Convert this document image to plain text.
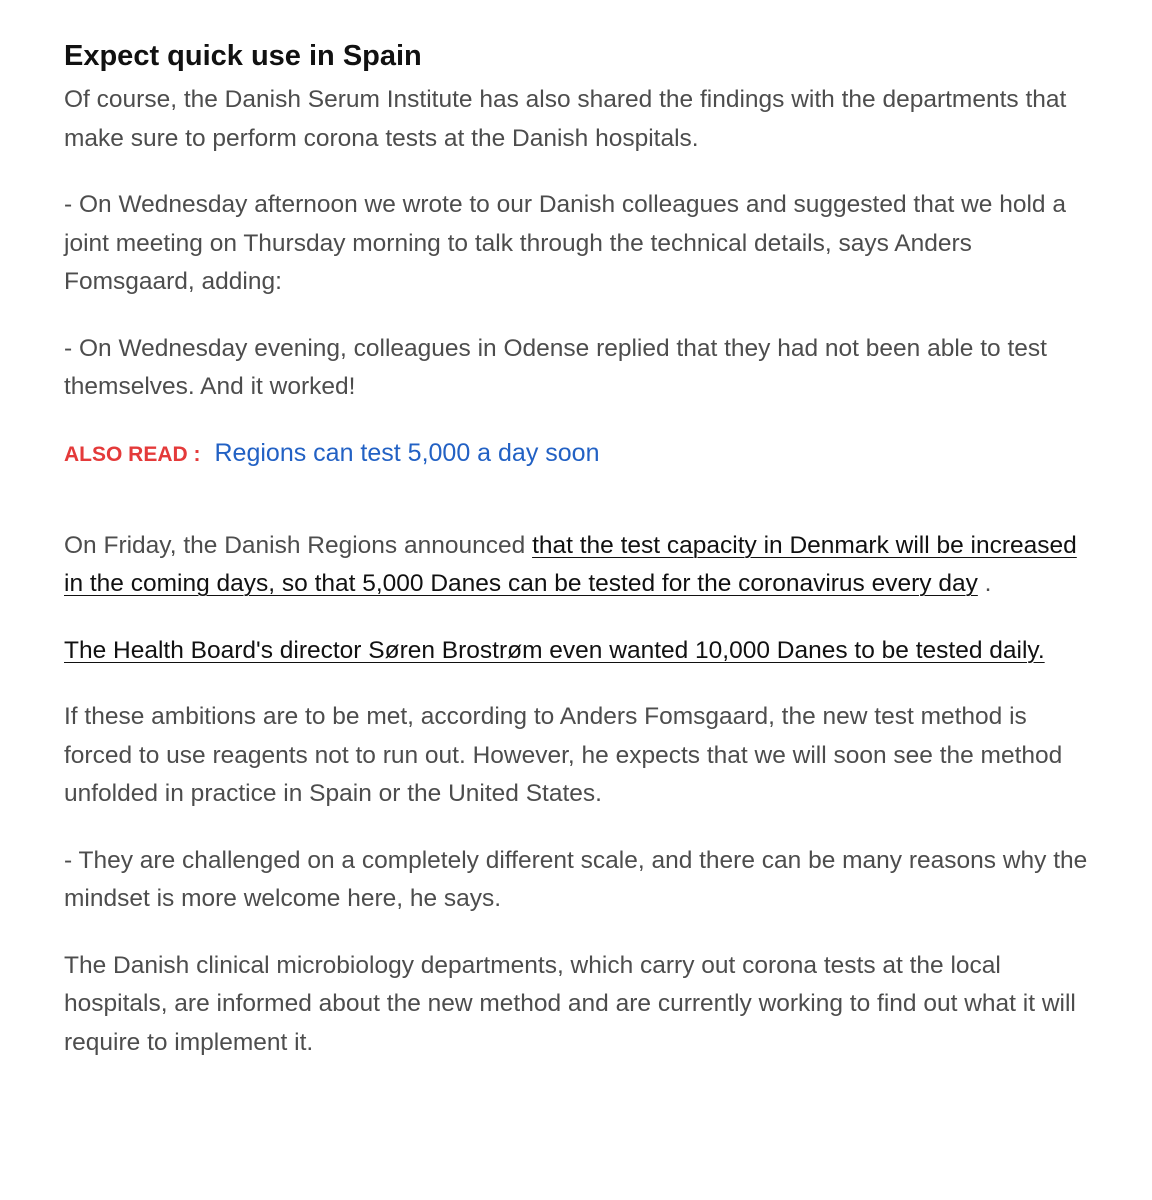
Expect quick use in Spain

Of course, the Danish Serum Institute has also shared the findings with the departments that make sure to perform corona tests at the Danish hospitals.

- On Wednesday afternoon we wrote to our Danish colleagues and suggested that we hold a joint meeting on Thursday morning to talk through the technical details, says Anders Fomsgaard, adding:

- On Wednesday evening, colleagues in Odense replied that they had not been able to test themselves. And it worked!

ALSO READ : Regions can test 5,000 a day soon

On Friday, the Danish Regions announced that the test capacity in Denmark will be increased in the coming days, so that 5,000 Danes can be tested for the coronavirus every day .

The Health Board's director Søren Brostrøm even wanted 10,000 Danes to be tested daily.

If these ambitions are to be met, according to Anders Fomsgaard, the new test method is forced to use reagents not to run out. However, he expects that we will soon see the method unfolded in practice in Spain or the United States.

- They are challenged on a completely different scale, and there can be many reasons why the mindset is more welcome here, he says.

The Danish clinical microbiology departments, which carry out corona tests at the local hospitals, are informed about the new method and are currently working to find out what it will require to implement it.
